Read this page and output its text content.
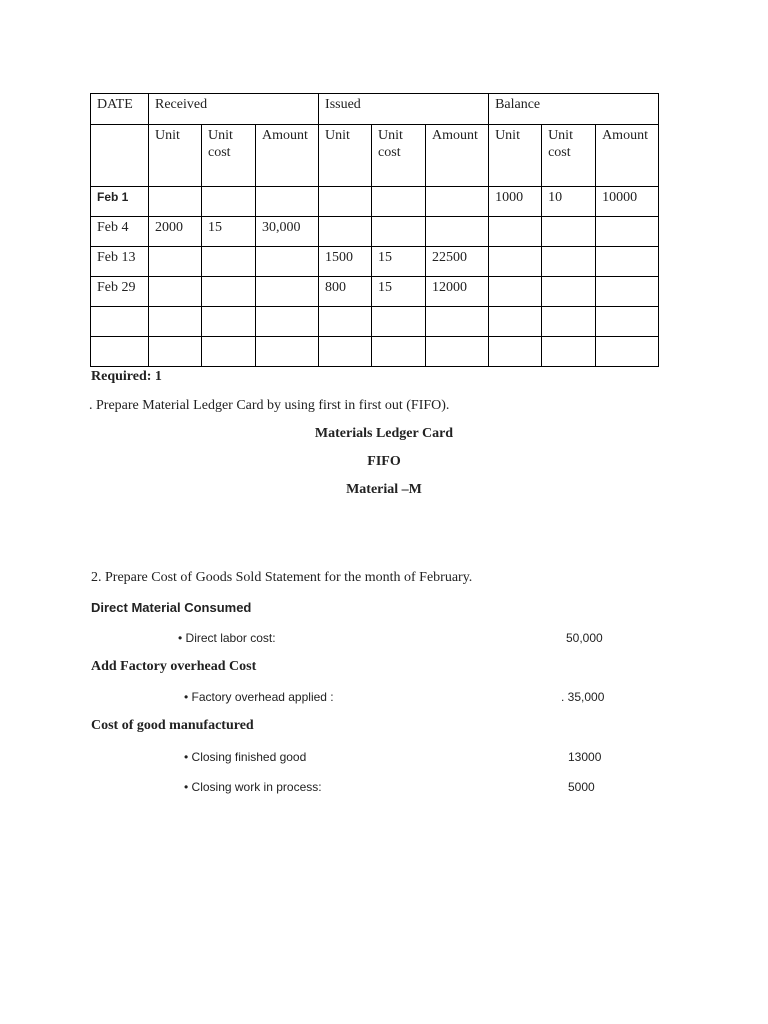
DATE	Received			Issued			Balance		
	Unit	Unit cost	Amount	Unit	Unit cost	Amount	Unit	Unit cost	Amount
Feb 1							1000	10	10000
Feb 4	2000	15	30,000						
Feb 13				1500	15	22500			
Feb 29				800	15	12000			

Required: 1
. Prepare Material Ledger Card by using first in first out (FIFO).
Materials Ledger Card
FIFO
Material –M
2. Prepare Cost of Goods Sold Statement for the month of February.
Direct Material Consumed
• Direct labor cost:	50,000
Add Factory overhead Cost
• Factory overhead applied :	. 35,000
Cost of good manufactured
• Closing finished good	13000
• Closing work in process:	5000
